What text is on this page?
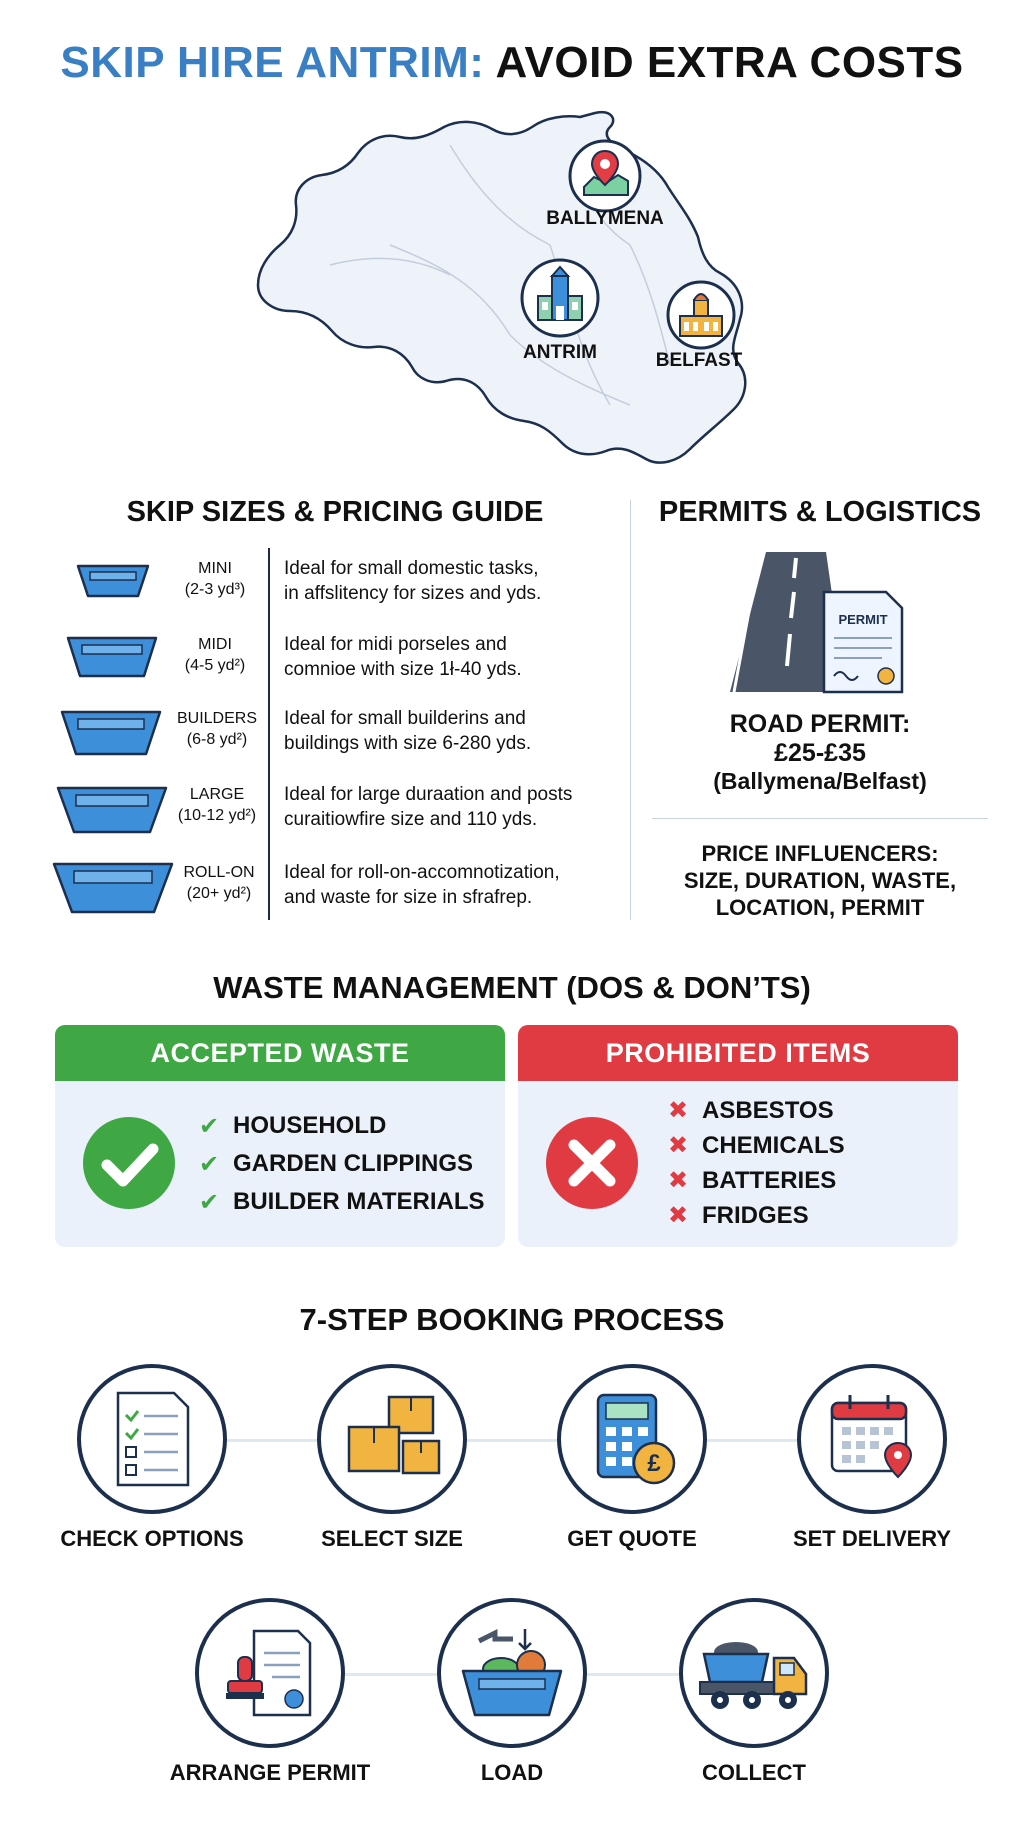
SKIP HIRE ANTRIM: AVOID EXTRA COSTS
BALLYMENA
ANTRIM	BELFAST
SKIP SIZES & PRICING GUIDE
MINI
(2-3 yd³)
Ideal for small domestic tasks,
in affslitency for sizes and yds.
MIDI
(4-5 yd²)
Ideal for midi porseles and
comnioe with size 1ł-40 yds.
BUILDERS
(6-8 yd²)
Ideal for small builderins and
buildings with size 6-280 yds.
LARGE
(10-12 yd²)
Ideal for large duraation and posts
curaitiowfire size and 110 yds.
ROLL-ON
(20+ yd²)
Ideal for roll-on-accomnotization,
and waste for size in sfrafrep.
PERMITS & LOGISTICS
PERMIT
ROAD PERMIT:
£25-£35
(Ballymena/Belfast)
PRICE INFLUENCERS:
SIZE, DURATION, WASTE,
LOCATION, PERMIT
WASTE MANAGEMENT (DOS & DON’TS)
ACCEPTED WASTE
✔ HOUSEHOLD
✔ GARDEN CLIPPINGS
✔ BUILDER MATERIALS
PROHIBITED ITEMS
✖ ASBESTOS
✖ CHEMICALS
✖ BATTERIES
✖ FRIDGES
7-STEP BOOKING PROCESS
CHECK OPTIONS	SELECT SIZE
£
GET QUOTE	SET DELIVERY
ARRANGE PERMIT	LOAD	COLLECT
